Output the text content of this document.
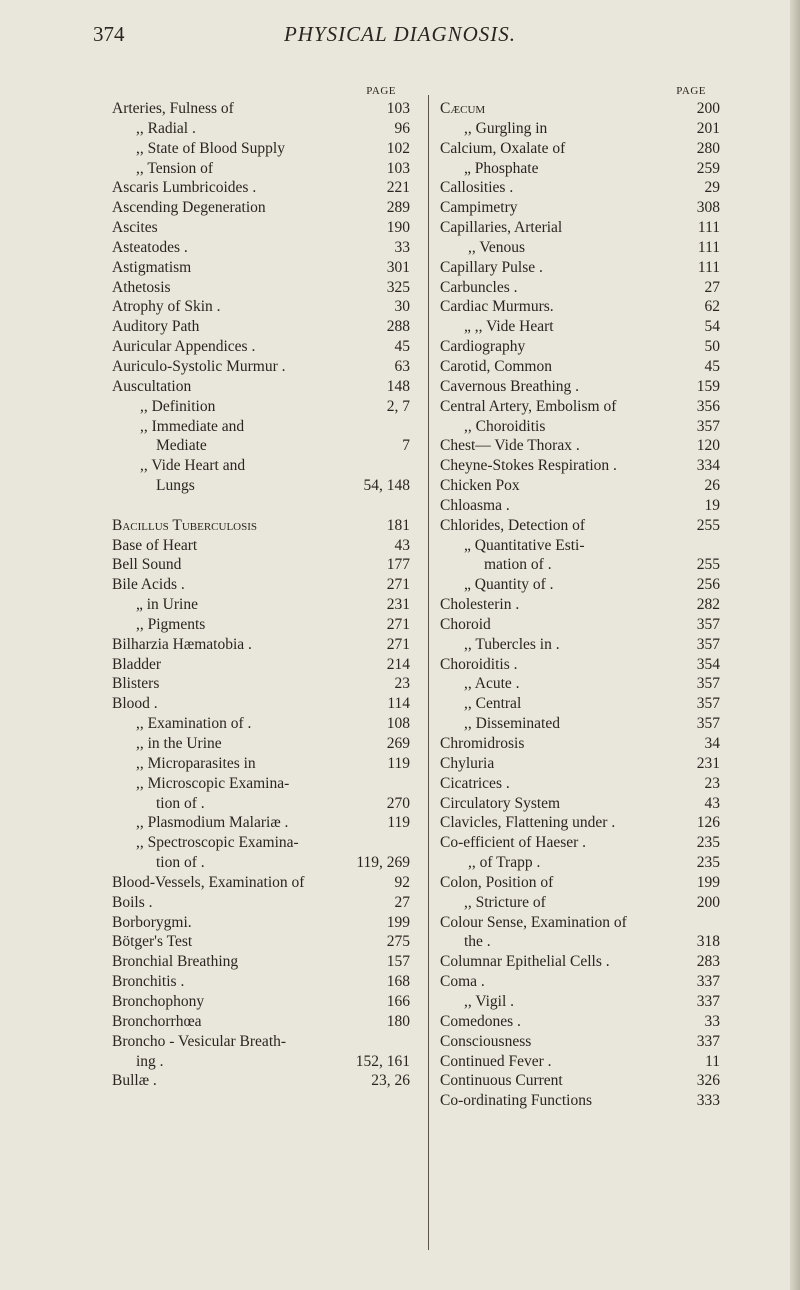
374	PHYSICAL DIAGNOSIS.
PAGE
Arteries, Fulness of	103
,, Radial .	96
,, State of Blood Supply	102
,, Tension of	103
Ascaris Lumbricoides .	221
Ascending Degeneration	289
Ascites	190
Asteatodes .	33
Astigmatism	301
Athetosis	325
Atrophy of Skin .	30
Auditory Path	288
Auricular Appendices .	45
Auriculo-Systolic Murmur .	63
Auscultation	148
,, Definition	2, 7
,, Immediate and
Mediate	7
,, Vide Heart and
Lungs	54, 148
Bacillus Tuberculosis	181
Base of Heart	43
Bell Sound	177
Bile Acids .	271
„ in Urine	231
,, Pigments	271
Bilharzia Hæmatobia .	271
Bladder	214
Blisters	23
Blood .	114
,, Examination of .	108
,, in the Urine	269
,, Microparasites in	119
,, Microscopic Examina-
tion of .	270
,, Plasmodium Malariæ .	119
,, Spectroscopic Examina-
tion of .	119, 269
Blood-Vessels, Examination of	92
Boils .	27
Borborygmi.	199
Bötger's Test	275
Bronchial Breathing	157
Bronchitis .	168
Bronchophony	166
Bronchorrhœa	180
Broncho - Vesicular Breath-
ing .	152, 161
Bullæ .	23, 26
PAGE
Cæcum	200
,, Gurgling in	201
Calcium, Oxalate of	280
„ Phosphate	259
Callosities .	29
Campimetry	308
Capillaries, Arterial	111
,, Venous	111
Capillary Pulse .	111
Carbuncles .	27
Cardiac Murmurs.	62
„ ,, Vide Heart	54
Cardiography	50
Carotid, Common	45
Cavernous Breathing .	159
Central Artery, Embolism of	356
,, Choroiditis	357
Chest— Vide Thorax .	120
Cheyne-Stokes Respiration .	334
Chicken Pox	26
Chloasma .	19
Chlorides, Detection of	255
„ Quantitative Esti-
mation of .	255
„ Quantity of .	256
Cholesterin .	282
Choroid	357
,, Tubercles in .	357
Choroiditis .	354
,, Acute .	357
,, Central	357
,, Disseminated	357
Chromidrosis	34
Chyluria	231
Cicatrices .	23
Circulatory System	43
Clavicles, Flattening under .	126
Co-efficient of Haeser .	235
,, of Trapp .	235
Colon, Position of	199
,, Stricture of	200
Colour Sense, Examination of
the .	318
Columnar Epithelial Cells .	283
Coma .	337
,, Vigil .	337
Comedones .	33
Consciousness	337
Continued Fever .	11
Continuous Current	326
Co-ordinating Functions	333
